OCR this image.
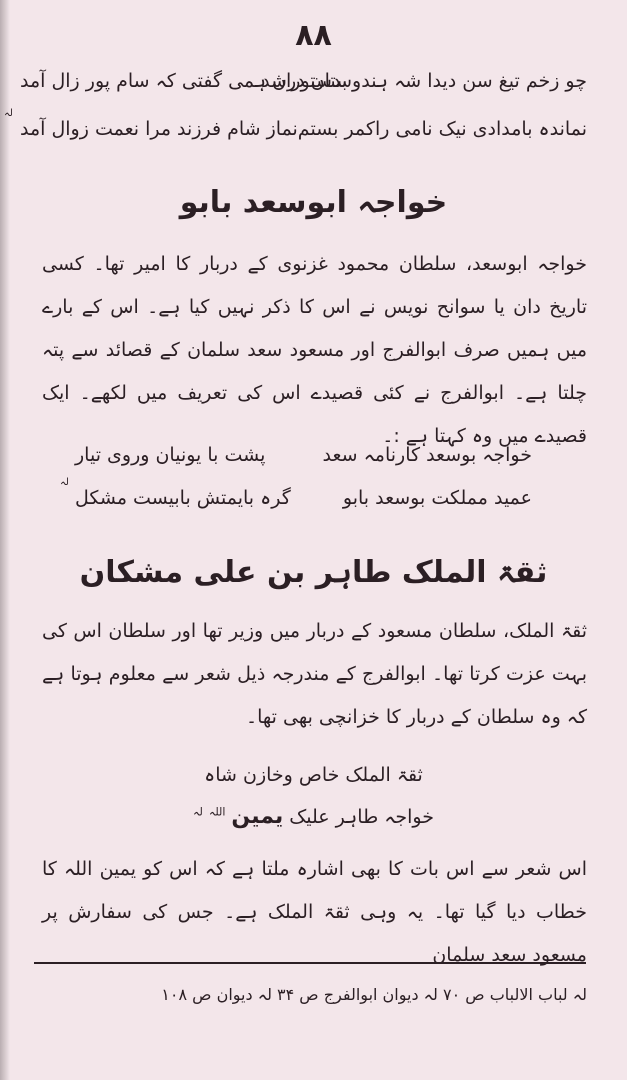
۸۸
چو زخم تیغ سن دیدا شہ ہندوستان درشد
بدستوران ہمی گفتی کہ سام پور زال آمد
نماندہ بامدادی نیک نامی راکمر بستم
نماز شام فرزند مرا نعمت زوال آمد
لہ
خواجہ ابوسعد بابو
خواجہ ابوسعد، سلطان محمود غزنوی کے دربار کا امیر تھا۔ کسی تاریخ دان یا سوانح نویس نے اس کا ذکر نہیں کیا ہے۔ اس کے بارے میں ہمیں صرف ابوالفرج اور مسعود سعد سلمان کے قصائد سے پتہ چلتا ہے۔ ابوالفرج نے کئی قصیدے اس کی تعریف میں لکھے۔ ایک قصیدے میں وہ کہتا ہے :۔
خواجہ بوسعد کارنامہ سعد
پشت با یونیان وروی تیار
عمید مملکت بوسعد بابو
گرہ بایمتش بابیست مشکل
لہ
ثقۃ الملک طاہر بن علی مشکان
ثقۃ الملک، سلطان مسعود کے دربار میں وزیر تھا اور سلطان اس کی بہت عزت کرتا تھا۔ ابوالفرج کے مندرجہ ذیل شعر سے معلوم ہوتا ہے کہ وہ سلطان کے دربار کا خزانچی بھی تھا۔
ثقۃ الملک خاص وخازن شاہ
خواجہ طاہر علیک یمین $^{اللہ}$ $^{لہ}$
اس شعر سے اس بات کا بھی اشارہ ملتا ہے کہ اس کو یمین اللہ کا خطاب دیا گیا تھا۔ یہ وہی ثقۃ الملک ہے۔ جس کی سفارش پر مسعود سعد سلمان
لہ لباب الالباب ص ۷۰ لہ دیوان ابوالفرج ص ۳۴ لہ دیوان ص ۱۰۸
